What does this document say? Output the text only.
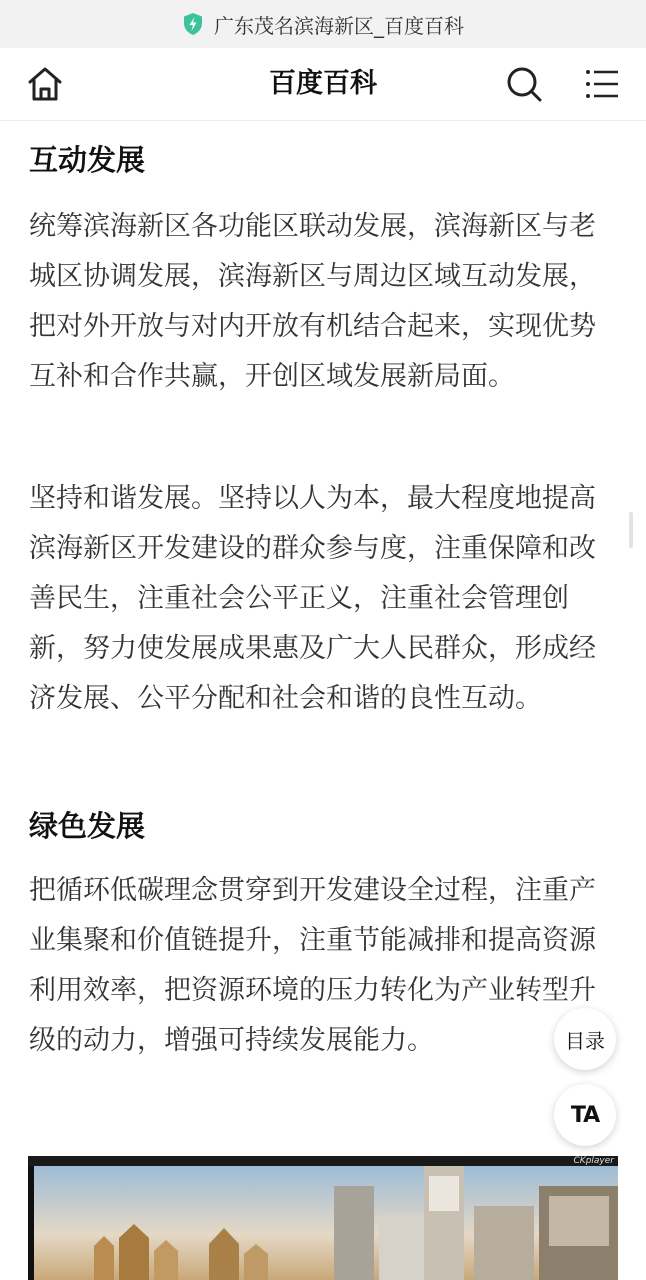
广东茂名滨海新区_百度百科
百度百科
互动发展

统筹滨海新区各功能区联动发展，滨海新区与老城区协调发展，滨海新区与周边区域互动发展，把对外开放与对内开放有机结合起来，实现优势互补和合作共赢，开创区域发展新局面。

坚持和谐发展。坚持以人为本，最大程度地提高滨海新区开发建设的群众参与度，注重保障和改善民生，注重社会公平正义，注重社会管理创新，努力使发展成果惠及广大人民群众，形成经济发展、公平分配和社会和谐的良性互动。

绿色发展

把循环低碳理念贯穿到开发建设全过程，注重产业集聚和价值链提升，注重节能减排和提高资源利用效率，把资源环境的压力转化为产业转型升级的动力，增强可持续发展能力。	目录
TA
CKplayer
